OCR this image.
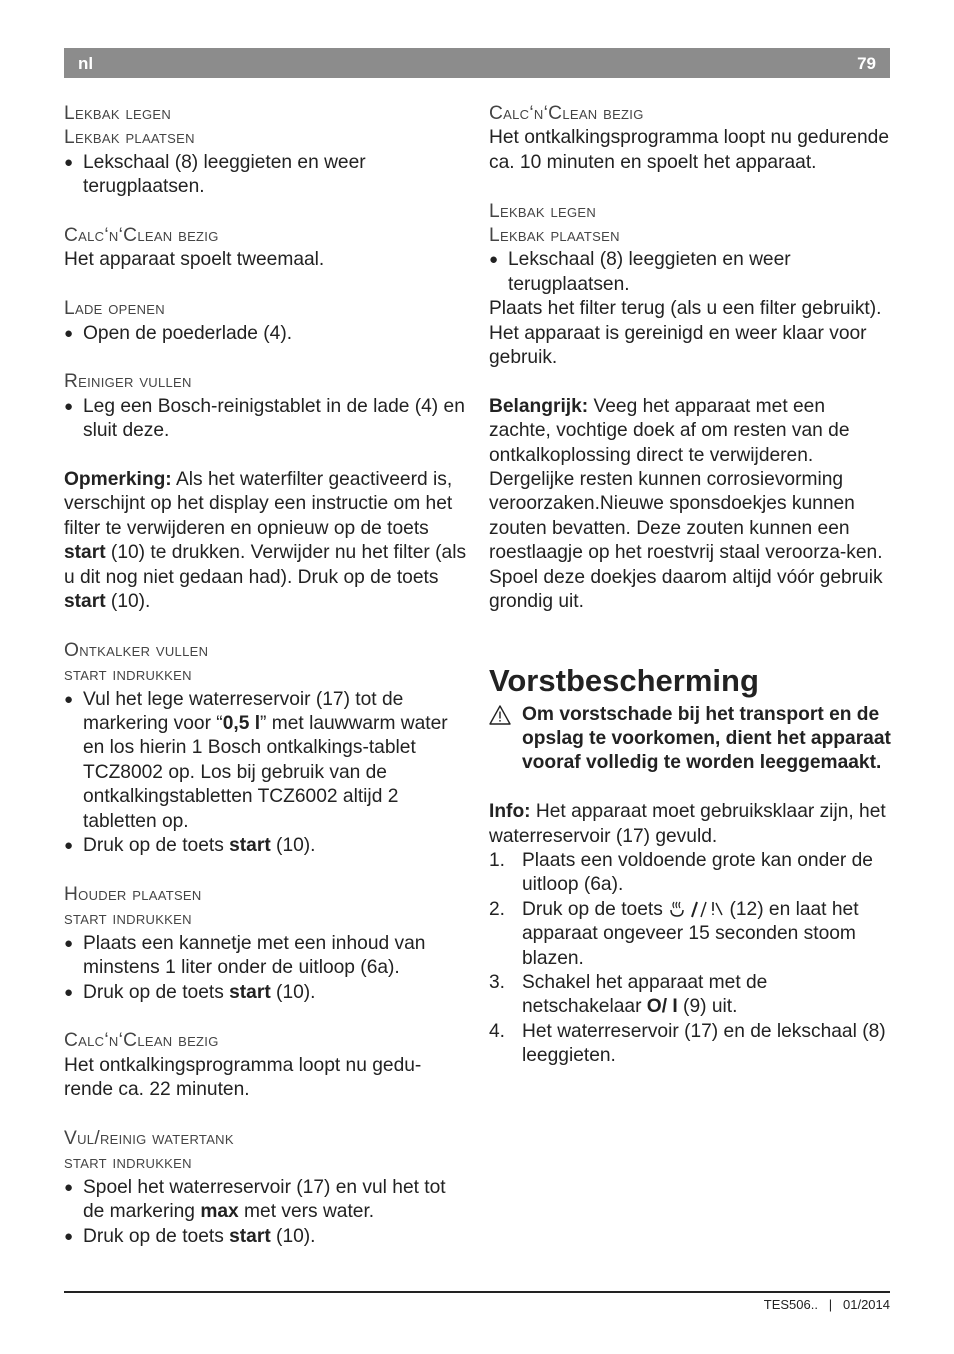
nl	79

Lekbak legen

Lekbak plaatsen

● Lekschaal (8) leeggieten en weer terugplaatsen.

Calc‘n‘Clean bezig

Het apparaat spoelt tweemaal.

Lade openen

● Open de poederlade (4).

Reiniger vullen

● Leg een Bosch-reinigstablet in de lade (4) en sluit deze.

Opmerking: Als het waterfilter geactiveerd is, verschijnt op het display een instructie om het filter te verwijderen en opnieuw op de toets start (10) te drukken. Verwijder nu het filter (als u dit nog niet gedaan had). Druk op de toets start (10).

Ontkalker vullen

start indrukken

● Vul het lege waterreservoir (17) tot de markering voor “0,5 l” met lauwwarm water en los hierin 1 Bosch ontkalkings-tablet TCZ8002 op. Los bij gebruik van de ontkalkingstabletten TCZ6002 altijd 2 tabletten op.

● Druk op de toets start (10).

Houder plaatsen

start indrukken

● Plaats een kannetje met een inhoud van minstens 1 liter onder de uitloop (6a).

● Druk op de toets start (10).

Calc‘n‘Clean bezig

Het ontkalkingsprogramma loopt nu gedu-rende ca. 22 minuten.

Vul/reinig watertank

start indrukken

● Spoel het waterreservoir (17) en vul het tot de markering max met vers water.

● Druk op de toets start (10).

Calc‘n‘Clean bezig

Het ontkalkingsprogramma loopt nu gedurende ca. 10 minuten en spoelt het apparaat.

Lekbak legen

Lekbak plaatsen

● Lekschaal (8) leeggieten en weer terugplaatsen.

Plaats het filter terug (als u een filter gebruikt). Het apparaat is gereinigd en weer klaar voor gebruik.

Belangrijk: Veeg het apparaat met een zachte, vochtige doek af om resten van de ontkalkoplossing direct te verwijderen. Dergelijke resten kunnen corrosievorming veroorzaken.Nieuwe sponsdoekjes kunnen zouten bevatten. Deze zouten kunnen een roestlaagje op het roestvrij staal veroorza-ken. Spoel deze doekjes daarom altijd vóór gebruik grondig uit.

Vorstbescherming

Om vorstschade bij het transport en de opslag te voorkomen, dient het apparaat vooraf volledig te worden leeggemaakt.

Info: Het apparaat moet gebruiksklaar zijn, het waterreservoir (17) gevuld.

1. Plaats een voldoende grote kan onder de uitloop (6a).

2. Druk op de toets	(12) en laat het apparaat ongeveer 15 seconden stoom blazen.

3. Schakel het apparaat met de netschakelaar O/ I (9) uit.

4. Het waterreservoir (17) en de lekschaal (8) leeggieten.

TES506..   |   01/2014
